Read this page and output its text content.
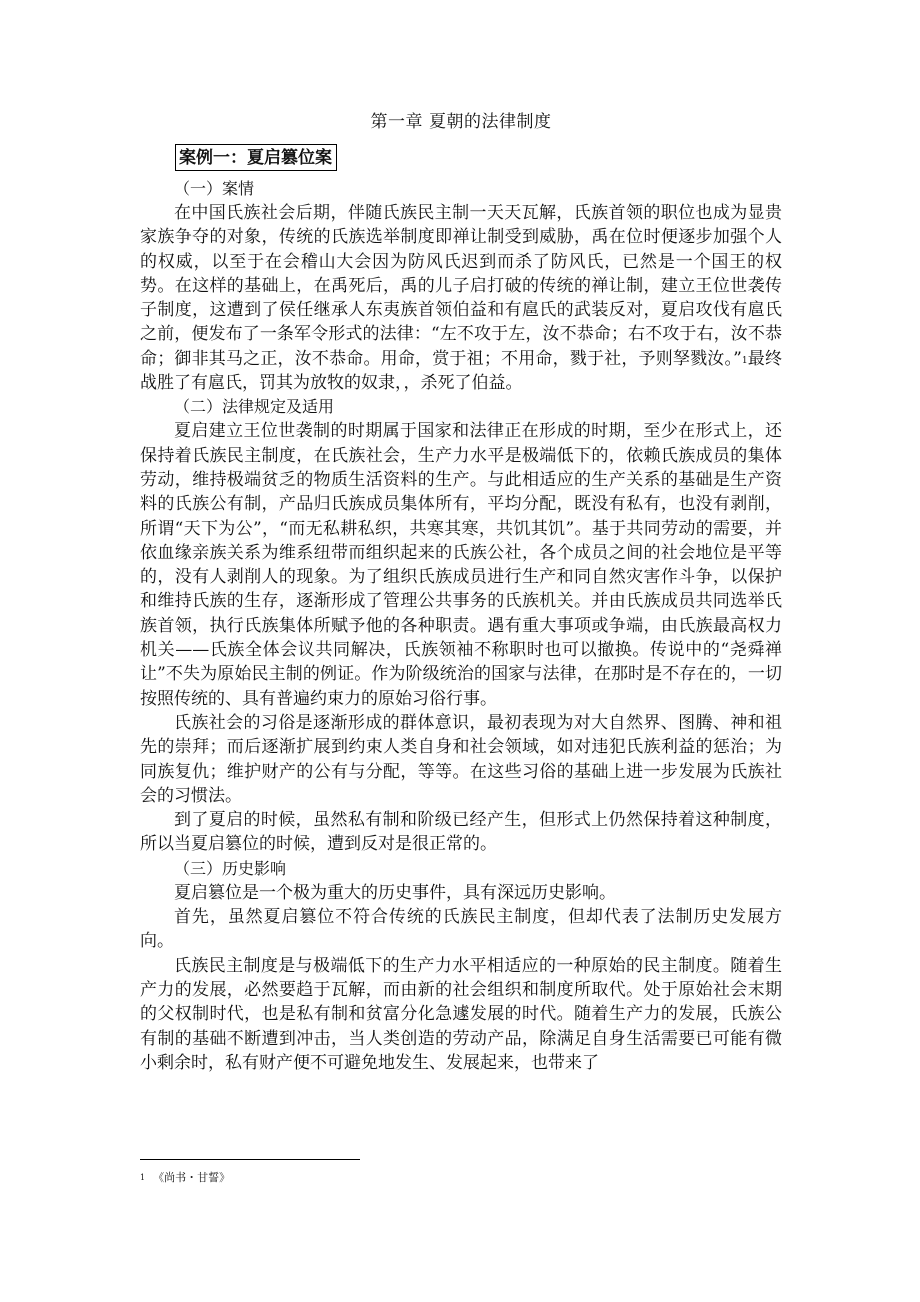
第一章 夏朝的法律制度
案例一：夏启篡位案

（一）案情

在中国氏族社会后期，伴随氏族民主制一天天瓦解，氏族首领的职位也成为显贵家族争夺的对象，传统的氏族选举制度即禅让制受到威胁，禹在位时便逐步加强个人的权威，以至于在会稽山大会因为防风氏迟到而杀了防风氏，已然是一个国王的权势。在这样的基础上，在禹死后，禹的儿子启打破的传统的禅让制，建立王位世袭传子制度，这遭到了侯任继承人东夷族首领伯益和有扈氏的武装反对，夏启攻伐有扈氏之前，便发布了一条军令形式的法律：“左不攻于左，汝不恭命；右不攻于右，汝不恭命；御非其马之正，汝不恭命。用命，赏于祖；不用命，戮于社，予则孥戮汝。”$^1$最终战胜了有扈氏，罚其为放牧的奴隶，，杀死了伯益。

（二）法律规定及适用

夏启建立王位世袭制的时期属于国家和法律正在形成的时期，至少在形式上，还保持着氏族民主制度，在氏族社会，生产力水平是极端低下的，依赖氏族成员的集体劳动，维持极端贫乏的物质生活资料的生产。与此相适应的生产关系的基础是生产资料的氏族公有制，产品归氏族成员集体所有，平均分配，既没有私有，也没有剥削，所谓“天下为公”，“而无私耕私织，共寒其寒，共饥其饥”。基于共同劳动的需要，并依血缘亲族关系为维系纽带而组织起来的氏族公社，各个成员之间的社会地位是平等的，没有人剥削人的现象。为了组织氏族成员进行生产和同自然灾害作斗争，以保护和维持氏族的生存，逐渐形成了管理公共事务的氏族机关。并由氏族成员共同选举氏族首领，执行氏族集体所赋予他的各种职责。遇有重大事项或争端，由氏族最高权力机关——氏族全体会议共同解决，氏族领袖不称职时也可以撤换。传说中的“尧舜禅让”不失为原始民主制的例证。作为阶级统治的国家与法律，在那时是不存在的，一切按照传统的、具有普遍约束力的原始习俗行事。

氏族社会的习俗是逐渐形成的群体意识，最初表现为对大自然界、图腾、神和祖先的崇拜；而后逐渐扩展到约束人类自身和社会领域，如对违犯氏族利益的惩治；为同族复仇；维护财产的公有与分配，等等。在这些习俗的基础上进一步发展为氏族社会的习惯法。

到了夏启的时候，虽然私有制和阶级已经产生，但形式上仍然保持着这种制度，所以当夏启篡位的时候，遭到反对是很正常的。

（三）历史影响

夏启篡位是一个极为重大的历史事件，具有深远历史影响。

首先，虽然夏启篡位不符合传统的氏族民主制度，但却代表了法制历史发展方向。

氏族民主制度是与极端低下的生产力水平相适应的一种原始的民主制度。随着生产力的发展，必然要趋于瓦解，而由新的社会组织和制度所取代。处于原始社会末期的父权制时代，也是私有制和贫富分化急遽发展的时代。随着生产力的发展，氏族公有制的基础不断遭到冲击，当人类创造的劳动产品，除满足自身生活需要已可能有微小剩余时，私有财产便不可避免地发生、发展起来，也带来了

$^1$ 《尚书・甘誓》
